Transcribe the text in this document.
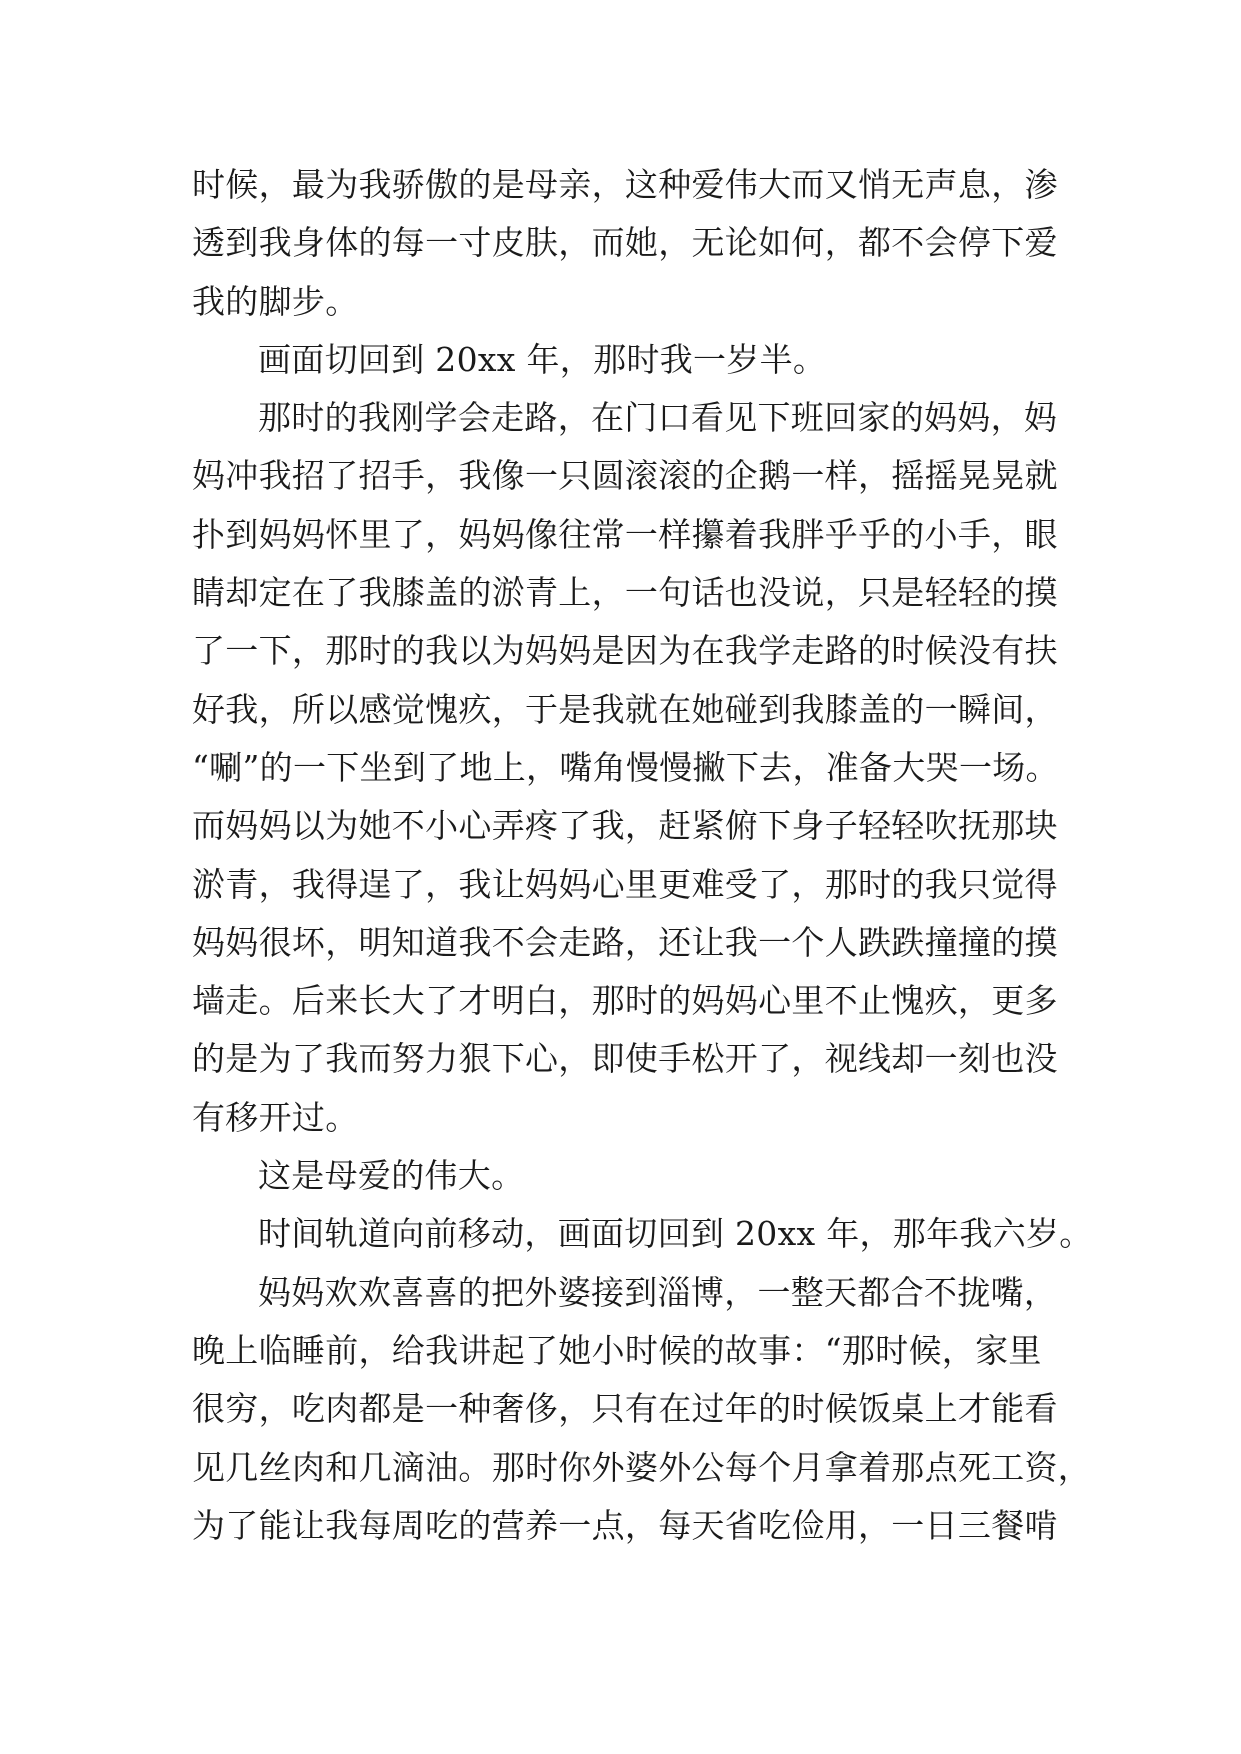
时候，最为我骄傲的是母亲，这种爱伟大而又悄无声息，渗
透到我身体的每一寸皮肤，而她，无论如何，都不会停下爱
我的脚步。
画面切回到 20xx 年，那时我一岁半。
那时的我刚学会走路，在门口看见下班回家的妈妈，妈
妈冲我招了招手，我像一只圆滚滚的企鹅一样，摇摇晃晃就
扑到妈妈怀里了，妈妈像往常一样攥着我胖乎乎的小手，眼
睛却定在了我膝盖的淤青上，一句话也没说，只是轻轻的摸
了一下，那时的我以为妈妈是因为在我学走路的时候没有扶
好我，所以感觉愧疚，于是我就在她碰到我膝盖的一瞬间，
“唰”的一下坐到了地上，嘴角慢慢撇下去，准备大哭一场。
而妈妈以为她不小心弄疼了我，赶紧俯下身子轻轻吹抚那块
淤青，我得逞了，我让妈妈心里更难受了，那时的我只觉得
妈妈很坏，明知道我不会走路，还让我一个人跌跌撞撞的摸
墙走。后来长大了才明白，那时的妈妈心里不止愧疚，更多
的是为了我而努力狠下心，即使手松开了，视线却一刻也没
有移开过。
这是母爱的伟大。
时间轨道向前移动，画面切回到 20xx 年，那年我六岁。
妈妈欢欢喜喜的把外婆接到淄博，一整天都合不拢嘴，
晚上临睡前，给我讲起了她小时候的故事：“那时候，家里
很穷，吃肉都是一种奢侈，只有在过年的时候饭桌上才能看
见几丝肉和几滴油。那时你外婆外公每个月拿着那点死工资，
为了能让我每周吃的营养一点，每天省吃俭用，一日三餐啃
